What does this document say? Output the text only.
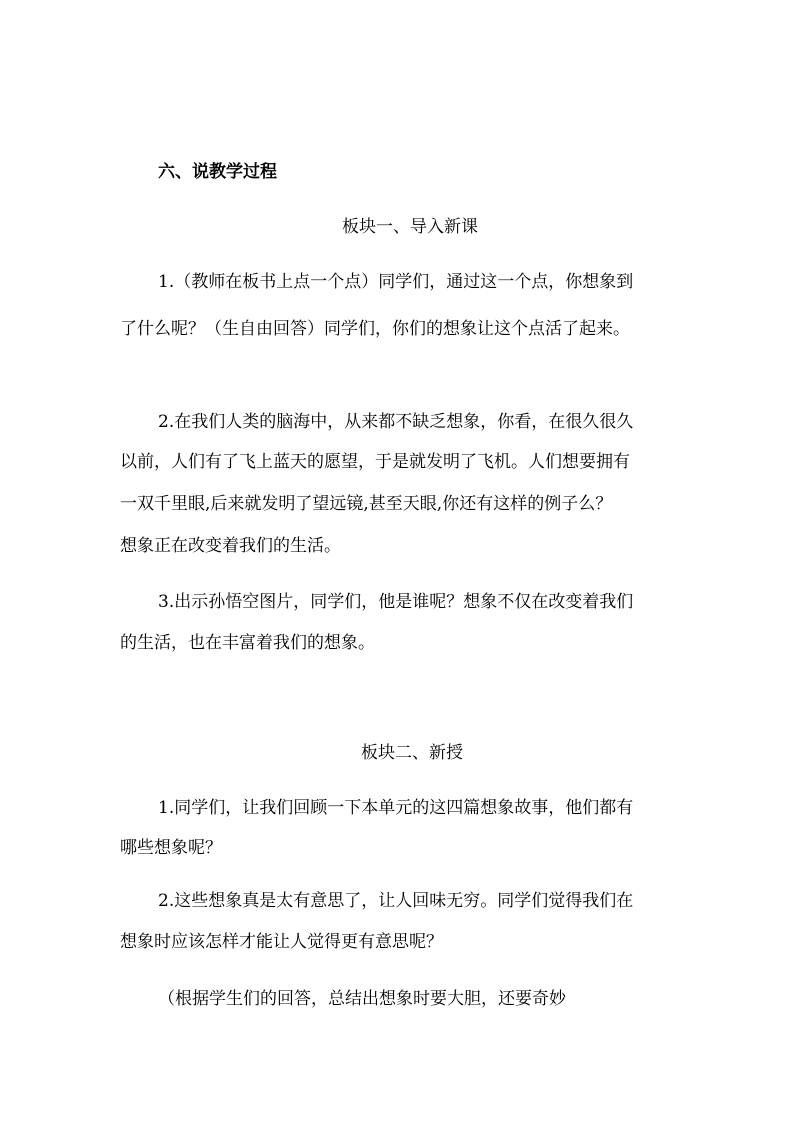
六、说教学过程
板块一、导入新课
1.（教师在板书上点一个点）同学们，通过这一个点，你想象到
了什么呢？（生自由回答）同学们，你们的想象让这个点活了起来。
2.在我们人类的脑海中，从来都不缺乏想象，你看，在很久很久
以前，人们有了飞上蓝天的愿望，于是就发明了飞机。人们想要拥有
一双千里眼,后来就发明了望远镜,甚至天眼,你还有这样的例子么？
想象正在改变着我们的生活。
3.出示孙悟空图片，同学们，他是谁呢？想象不仅在改变着我们
的生活，也在丰富着我们的想象。
板块二、新授
1.同学们，让我们回顾一下本单元的这四篇想象故事，他们都有
哪些想象呢？
2.这些想象真是太有意思了，让人回味无穷。同学们觉得我们在
想象时应该怎样才能让人觉得更有意思呢？
（根据学生们的回答，总结出想象时要大胆，还要奇妙
